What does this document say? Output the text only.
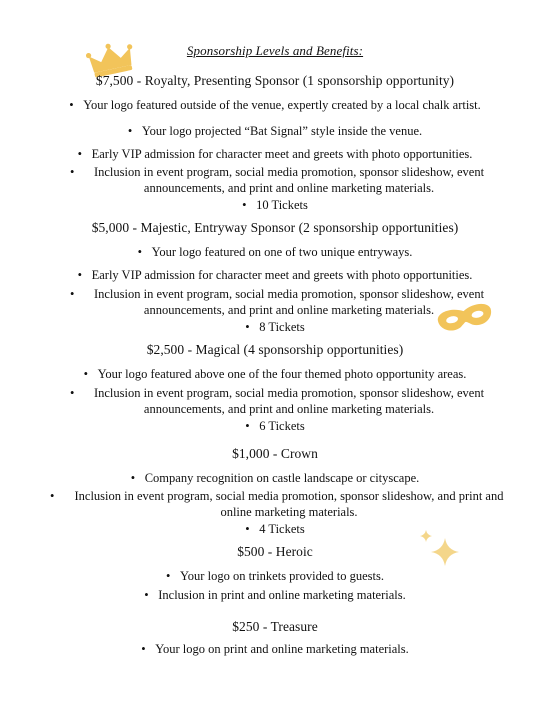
Sponsorship Levels and Benefits:
$7,500 - Royalty, Presenting Sponsor (1 sponsorship opportunity)
• Your logo featured outside of the venue, expertly created by a local chalk artist.
• Your logo projected “Bat Signal” style inside the venue.
• Early VIP admission for character meet and greets with photo opportunities.
•	Inclusion in event program, social media promotion, sponsor slideshow, event announcements, and print and online marketing materials.
• 10 Tickets
$5,000 - Majestic, Entryway Sponsor (2 sponsorship opportunities)
• Your logo featured on one of two unique entryways.
• Early VIP admission for character meet and greets with photo opportunities.
•	Inclusion in event program, social media promotion, sponsor slideshow, event announcements, and print and online marketing materials.
• 8 Tickets
$2,500 - Magical (4 sponsorship opportunities)
• Your logo featured above one of the four themed photo opportunity areas.
•	Inclusion in event program, social media promotion, sponsor slideshow, event announcements, and print and online marketing materials.
• 6 Tickets
$1,000 - Crown
• Company recognition on castle landscape or cityscape.
•	Inclusion in event program, social media promotion, sponsor slideshow, and print and online marketing materials.
• 4 Tickets
$500 - Heroic
• Your logo on trinkets provided to guests.
• Inclusion in print and online marketing materials.
$250 - Treasure
• Your logo on print and online marketing materials.
